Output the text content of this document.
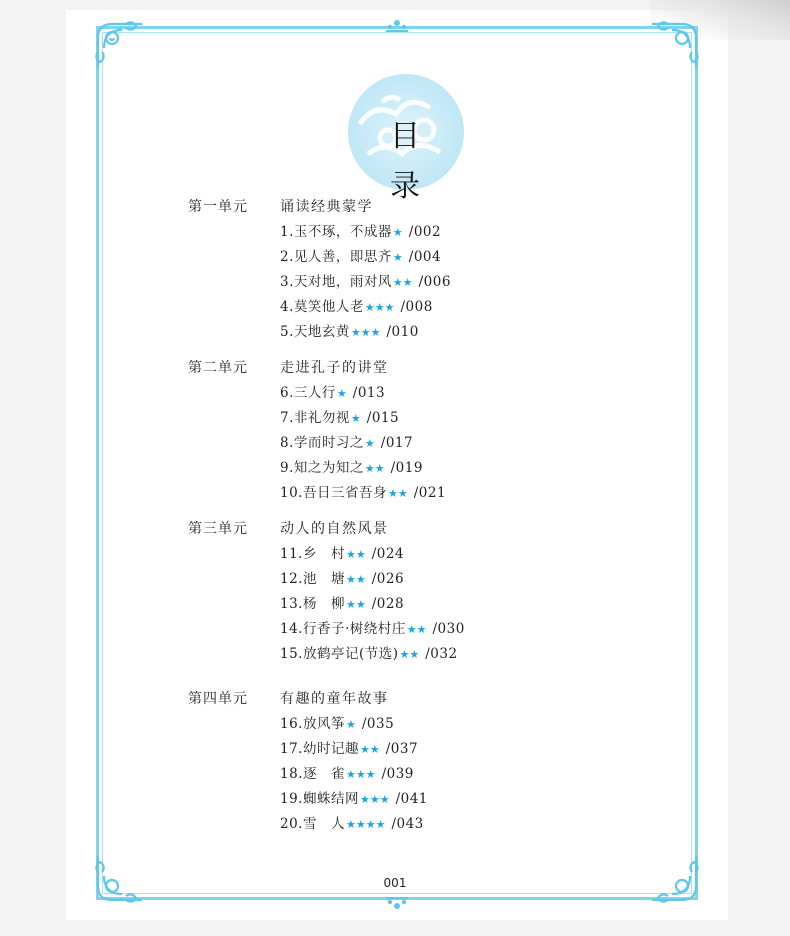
目 录
第一单元	诵读经典蒙学
1.玉不琢，不成器★ /002
2.见人善，即思齐★ /004
3.天对地，雨对风★★ /006
4.莫笑他人老★★★ /008
5.天地玄黄★★★ /010
第二单元	走进孔子的讲堂
6.三人行★ /013
7.非礼勿视★ /015
8.学而时习之★ /017
9.知之为知之★★ /019
10.吾日三省吾身★★ /021
第三单元	动人的自然风景
11.乡　村★★ /024
12.池　塘★★ /026
13.杨　柳★★ /028
14.行香子·树绕村庄★★ /030
15.放鹤亭记(节选)★★ /032
第四单元	有趣的童年故事
16.放风筝★ /035
17.幼时记趣★★ /037
18.逐　雀★★★ /039
19.蜘蛛结网★★★ /041
20.雪　人★★★★ /043
001
